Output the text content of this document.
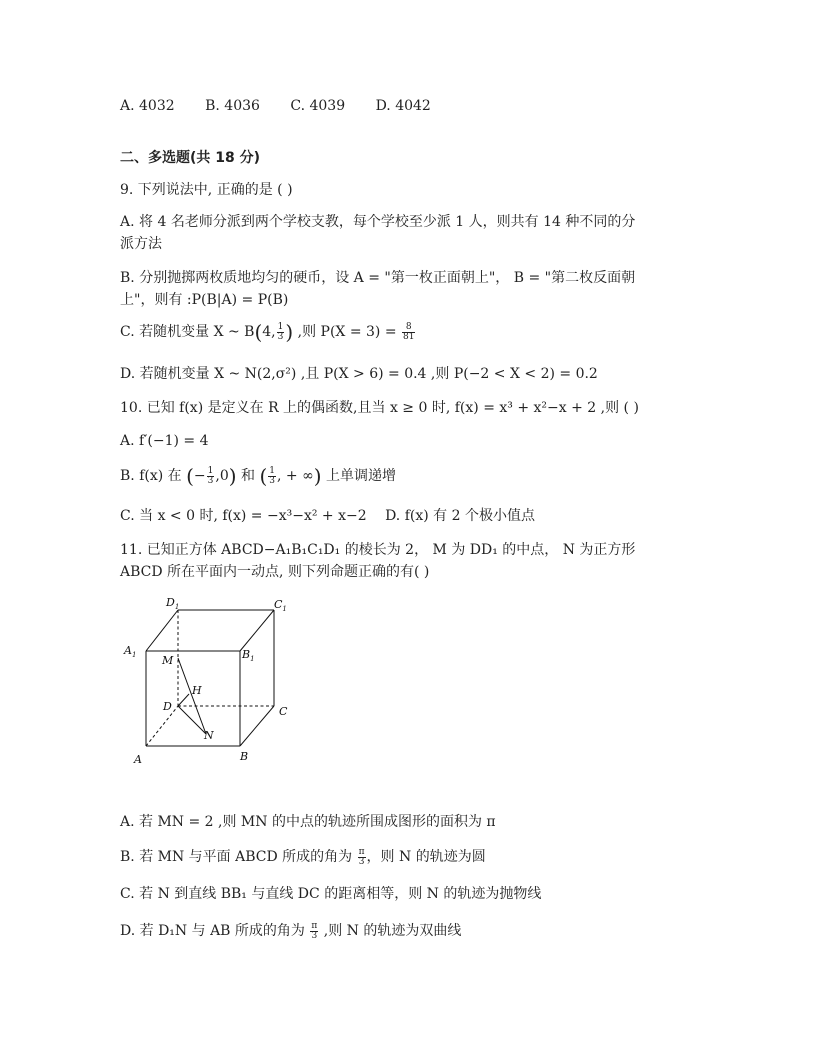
A. 4032 B. 4036 C. 4039 D. 4042
二、多选题(共 18 分)
9. 下列说法中, 正确的是 ( )
A. 将 4 名老师分派到两个学校支教，每个学校至少派 1 人，则共有 14 种不同的分
派方法
B. 分别抛掷两枚质地均匀的硬币，设 A = "第一枚正面朝上"， B = "第二枚反面朝
上"，则有 :P(B|A) = P(B)
C. 若随机变量 X ~ B(4, $\frac{1}{3}$ ) ,则 $P(X = 3) = \frac{8}{81}$
D. 若随机变量 X ~ N(2,σ²) ,且 P(X > 6) = 0.4 ,则 P(−2 < X < 2) = 0.2
10. 已知 f(x) 是定义在 R 上的偶函数,且当 x ≥ 0 时, f(x) = x³ + x²−x + 2 ,则 ( )
A. f′(−1) = 4
B. f(x) 在 (− $\frac{1}{3} ,0$) 和 ( $\frac{1}{3}$ , + ∞) 上单调递增
C. 当 x < 0 时, f(x) = −x³−x² + x−2 D. f(x) 有 2 个极小值点
11. 已知正方体 ABCD−A₁B₁C₁D₁ 的棱长为 2， M 为 DD₁ 的中点， N 为正方形
ABCD 所在平面内一动点, 则下列命题正确的有( )
$D_1$	$C_1$
$A_1$	$B_1$
M
H
D	C
N
A	B
A. 若 MN = 2 ,则 MN 的中点的轨迹所围成图形的面积为 π
B. 若 MN 与平面 ABCD 所成的角为 $\frac{\pi}{3}$ ，则 N 的轨迹为圆
C. 若 N 到直线 BB₁ 与直线 DC 的距离相等，则 N 的轨迹为抛物线
D. 若 D₁N 与 AB 所成的角为 $\frac{\pi}{3}$ ,则 N 的轨迹为双曲线
